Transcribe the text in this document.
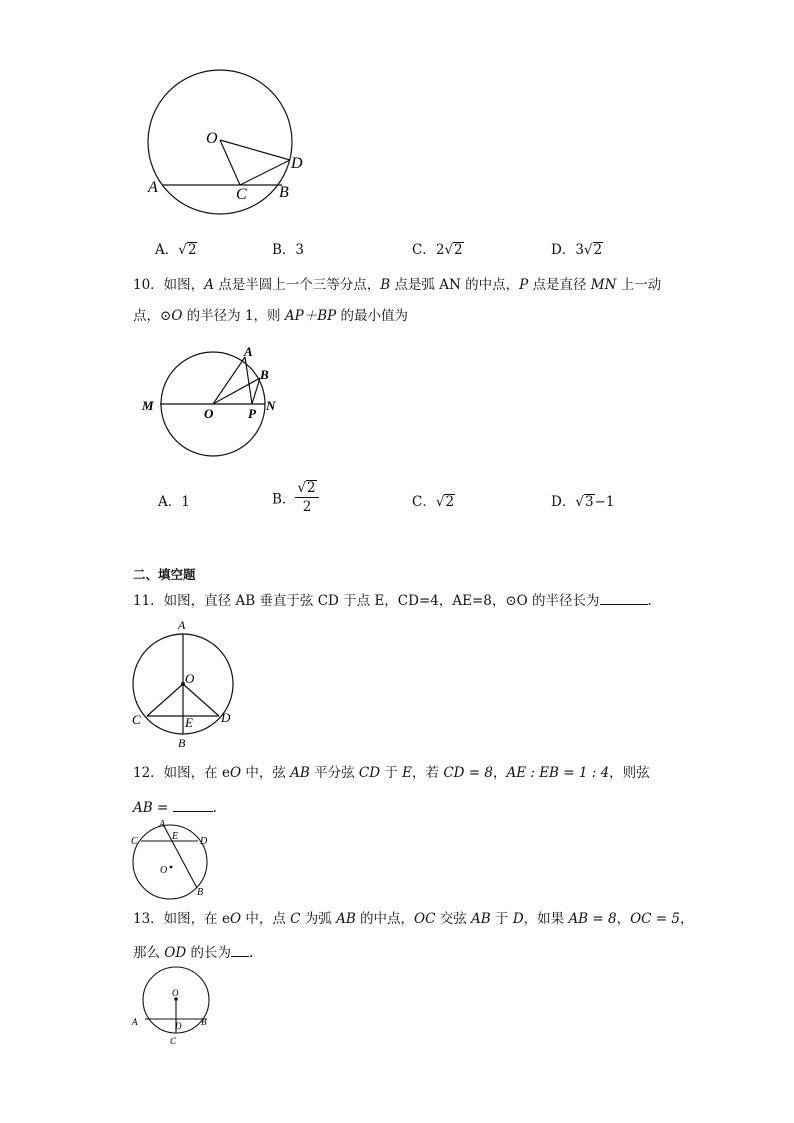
O
D
A	C B
A．√2	B．3	C．2√2	D．3√2
10．如图，A 点是半圆上一个三等分点，B 点是弧 AN 的中点，P 点是直径 MN 上一动
点，⊙O 的半径为 1，则 AP＋BP 的最小值为
A
B
M
O	P
N
A．1	B． $\frac{√2}{2}$	C．√2	D．√3−1
二、填空题
11．如图，直径 AB 垂直于弦 CD 于点 E，CD=4，AE=8，⊙O 的半径长为	.
A
O
C	E D
B
12．如图，在 eO 中，弦 AB 平分弦 CD 于 E，若 CD = 8，AE : EB = 1 : 4，则弦
AB =	.
C
A
E D
O
B
13．如图，在 eO 中，点 C 为弧 AB 的中点，OC 交弦 AB 于 D，如果 AB = 8，OC = 5，
那么 OD 的长为 .
O
A	D B
C
